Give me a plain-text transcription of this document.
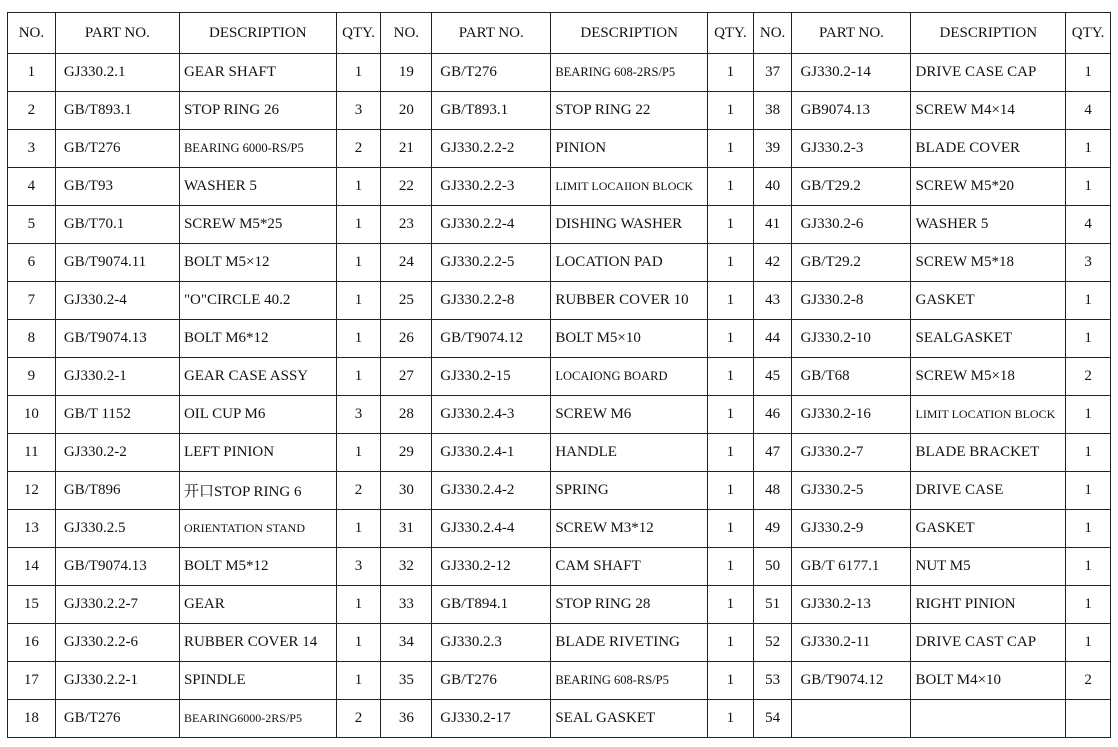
NO.	PART NO.	DESCRIPTION	QTY.	NO.	PART NO.	DESCRIPTION	QTY.	NO.	PART NO.	DESCRIPTION	QTY.
1	GJ330.2.1	GEAR SHAFT	1	19	GB/T276	BEARING 608-2RS/P5	1	37	GJ330.2-14	DRIVE CASE CAP	1
2	GB/T893.1	STOP RING 26	3	20	GB/T893.1	STOP RING 22	1	38	GB9074.13	SCREW M4×14	4
3	GB/T276	BEARING 6000-RS/P5	2	21	GJ330.2.2-2	PINION	1	39	GJ330.2-3	BLADE COVER	1
4	GB/T93	WASHER 5	1	22	GJ330.2.2-3	LIMIT LOCAIION BLOCK	1	40	GB/T29.2	SCREW M5*20	1
5	GB/T70.1	SCREW M5*25	1	23	GJ330.2.2-4	DISHING WASHER	1	41	GJ330.2-6	WASHER 5	4
6	GB/T9074.11	BOLT M5×12	1	24	GJ330.2.2-5	LOCATION PAD	1	42	GB/T29.2	SCREW M5*18	3
7	GJ330.2-4	"O"CIRCLE 40.2	1	25	GJ330.2.2-8	RUBBER COVER 10	1	43	GJ330.2-8	GASKET	1
8	GB/T9074.13	BOLT M6*12	1	26	GB/T9074.12	BOLT M5×10	1	44	GJ330.2-10	SEALGASKET	1
9	GJ330.2-1	GEAR CASE ASSY	1	27	GJ330.2-15	LOCAIONG BOARD	1	45	GB/T68	SCREW M5×18	2
10	GB/T 1152	OIL CUP M6	3	28	GJ330.2.4-3	SCREW M6	1	46	GJ330.2-16	LIMIT LOCATION BLOCK	1
11	GJ330.2-2	LEFT PINION	1	29	GJ330.2.4-1	HANDLE	1	47	GJ330.2-7	BLADE BRACKET	1
12	GB/T896	开口STOP RING 6	2	30	GJ330.2.4-2	SPRING	1	48	GJ330.2-5	DRIVE CASE	1
13	GJ330.2.5	ORIENTATION STAND	1	31	GJ330.2.4-4	SCREW M3*12	1	49	GJ330.2-9	GASKET	1
14	GB/T9074.13	BOLT M5*12	3	32	GJ330.2-12	CAM SHAFT	1	50	GB/T 6177.1	NUT M5	1
15	GJ330.2.2-7	GEAR	1	33	GB/T894.1	STOP RING 28	1	51	GJ330.2-13	RIGHT PINION	1
16	GJ330.2.2-6	RUBBER COVER 14	1	34	GJ330.2.3	BLADE RIVETING	1	52	GJ330.2-11	DRIVE CAST CAP	1
17	GJ330.2.2-1	SPINDLE	1	35	GB/T276	BEARING 608-RS/P5	1	53	GB/T9074.12	BOLT M4×10	2
18	GB/T276	BEARING6000-2RS/P5	2	36	GJ330.2-17	SEAL GASKET	1	54			
